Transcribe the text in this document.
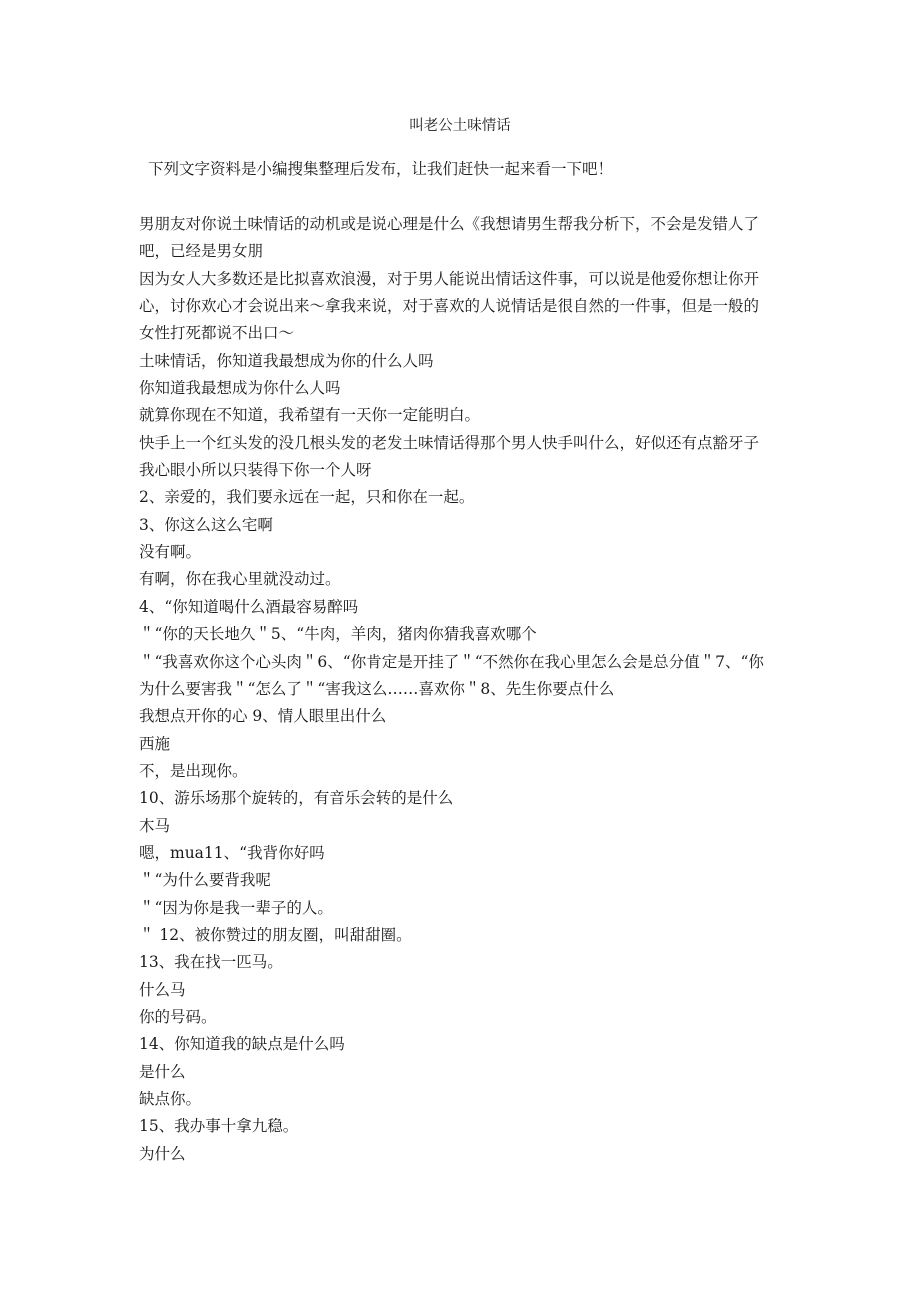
叫老公土味情话

下列文字资料是小编搜集整理后发布，让我们赶快一起来看一下吧！

男朋友对你说土味情话的动机或是说心理是什么《我想请男生帮我分析下，不会是发错人了

吧，已经是男女朋

因为女人大多数还是比拟喜欢浪漫，对于男人能说出情话这件事，可以说是他爱你想让你开

心，讨你欢心才会说出来～拿我来说，对于喜欢的人说情话是很自然的一件事，但是一般的

女性打死都说不出口～

土味情话，你知道我最想成为你的什么人吗

你知道我最想成为你什么人吗

就算你现在不知道，我希望有一天你一定能明白。

快手上一个红头发的没几根头发的老发土味情话得那个男人快手叫什么，好似还有点豁牙子

我心眼小所以只装得下你一个人呀

2、亲爱的，我们要永远在一起，只和你在一起。

3、你这么这么宅啊

没有啊。

有啊，你在我心里就没动过。

4、“你知道喝什么酒最容易醉吗

＂“你的天长地久＂5、“牛肉，羊肉，猪肉你猜我喜欢哪个

＂“我喜欢你这个心头肉＂6、“你肯定是开挂了＂“不然你在我心里怎么会是总分值＂7、“你

为什么要害我＂“怎么了＂“害我这么……喜欢你＂8、先生你要点什么

我想点开你的心 9、情人眼里出什么

西施

不，是出现你。

10、游乐场那个旋转的，有音乐会转的是什么

木马

嗯，mua11、“我背你好吗

＂“为什么要背我呢

＂“因为你是我一辈子的人。

＂ 12、被你赞过的朋友圈，叫甜甜圈。

13、我在找一匹马。

什么马

你的号码。

14、你知道我的缺点是什么吗

是什么

缺点你。

15、我办事十拿九稳。

为什么
